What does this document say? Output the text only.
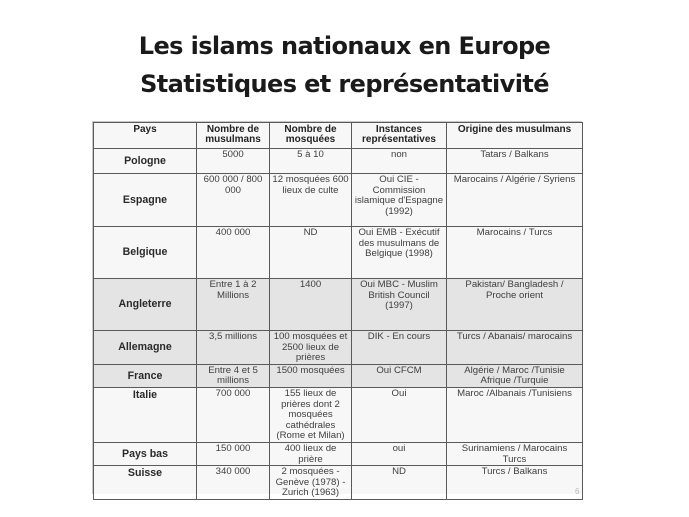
Les islams nationaux en Europe
Statistiques et représentativité
Pays	Nombre de musulmans	Nombre de mosquées	Instances représentatives	Origine des musulmans
Pologne	5000	5 à 10	non	Tatars / Balkans
Espagne	600 000 / 800 000	12 mosquées 600 lieux de culte	Oui CIE - Commission islamique d'Espagne (1992)	Marocains / Algérie / Syriens
Belgique	400 000	ND	Oui EMB - Exécutif des musulmans de Belgique (1998)	Marocains / Turcs
Angleterre	Entre 1 à 2 Millions	1400	Oui MBC - Muslim British Council (1997)	Pakistan/ Bangladesh / Proche orient
Allemagne	3,5 millions	100 mosquées et 2500 lieux de prières	DIK - En cours	Turcs / Abanais/ marocains
France	Entre 4 et 5 millions	1500 mosquées	Oui CFCM	Algérie / Maroc /Tunisie Afrique /Turquie
Italie	700 000	155 lieux de prières dont 2 mosquées cathédrales (Rome et Milan)	Oui	Maroc /Albanais /Tunisiens
Pays bas	150 000	400 lieux de prière	oui	Surinamiens / Marocains Turcs
Suisse	340 000	2 mosquées -Genève (1978) -Zurich (1963)	ND	Turcs / Balkans
6
